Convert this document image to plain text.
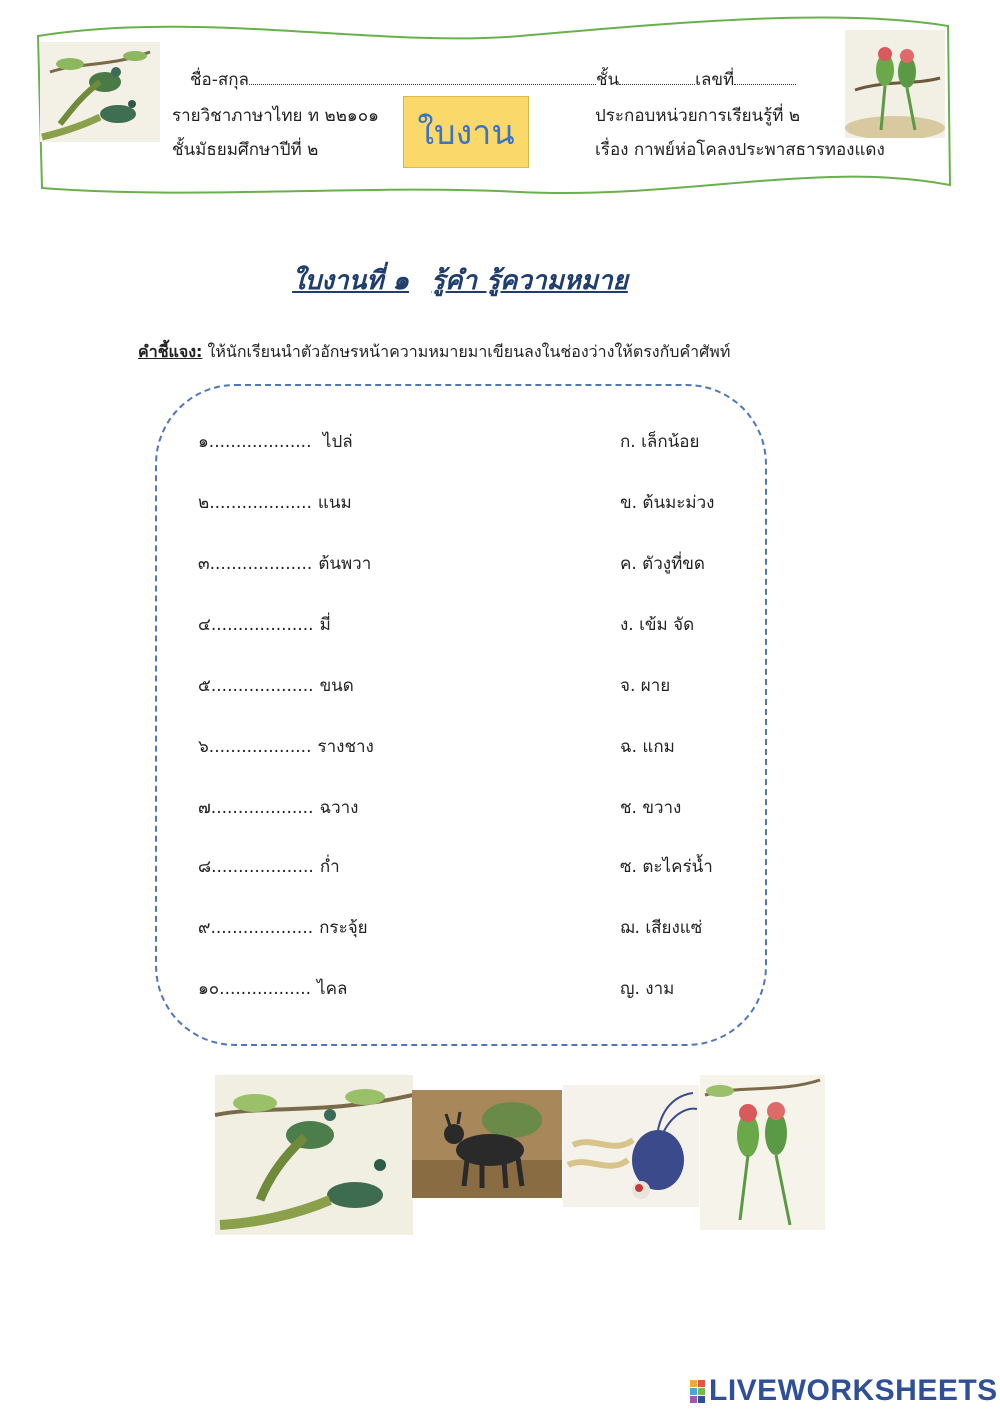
ชื่อ-สกุล	ชั้น	เลขที่
รายวิชาภาษาไทย ท ๒๒๑๐๑
ชั้นมัธยมศึกษาปีที่ ๒
ประกอบหน่วยการเรียนรู้ที่ ๒
เรื่อง กาพย์ห่อโคลงประพาสธารทองแดง
ใบงาน
ใบงานที่ ๑ รู้คำ รู้ความหมาย
คำชี้แจง: ให้นักเรียนนำตัวอักษรหน้าความหมายมาเขียนลงในช่องว่างให้ตรงกับคำศัพท์
๑................... ไปล่
๒................... แนม
๓................... ต้นพวา
๔................... มี่
๕................... ขนด
๖................... รางชาง
๗................... ฉวาง
๘................... ก่ำ
๙................... กระจุ้ย
๑๐................. ไคล
ก. เล็กน้อย
ข. ต้นมะม่วง
ค. ตัวงูที่ขด
ง. เข้ม จัด
จ. ผาย
ฉ. แกม
ช. ขวาง
ซ. ตะไคร่น้ำ
ฌ. เสียงแซ่
ญ. งาม
LIVEWORKSHEETS
